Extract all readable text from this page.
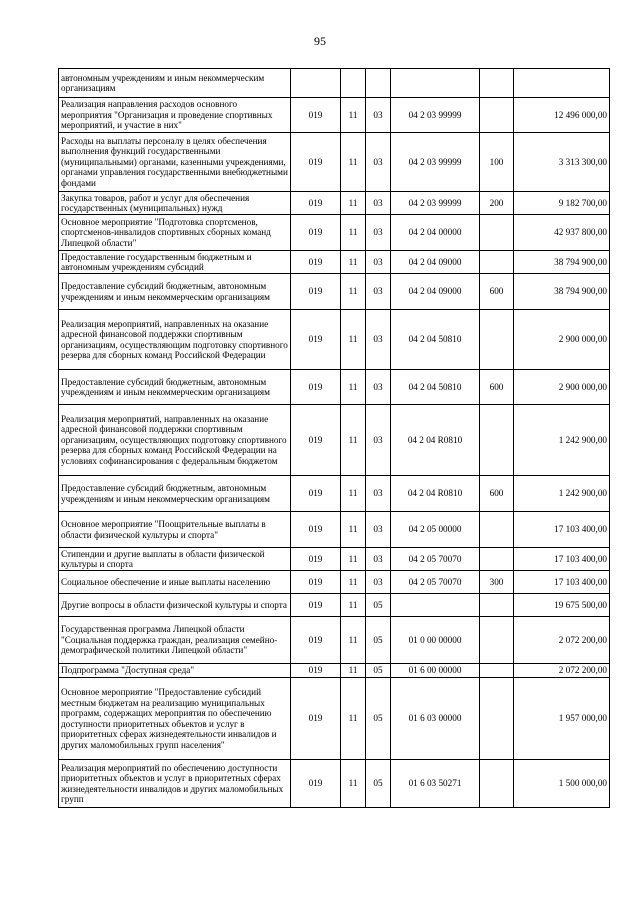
95
автономным учреждениям и иным некоммерческим организациям						
Реализация направления расходов основного мероприятия "Организация и проведение спортивных мероприятий, и участие в них"	019	11	03	04 2 03 99999		12 496 000,00
Расходы на выплаты персоналу в целях обеспечения выполнения функций государственными (муниципальными) органами, казенными учреждениями, органами управления государственными внебюджетными фондами	019	11	03	04 2 03 99999	100	3 313 300,00
Закупка товаров, работ и услуг для обеспечения государственных (муниципальных) нужд	019	11	03	04 2 03 99999	200	9 182 700,00
Основное мероприятие "Подготовка спортсменов, спортсменов-инвалидов спортивных сборных команд Липецкой области"	019	11	03	04 2 04 00000		42 937 800,00
Предоставление государственным бюджетным и автономным учреждениям субсидий	019	11	03	04 2 04 09000		38 794 900,00
Предоставление субсидий бюджетным, автономным учреждениям и иным некоммерческим организациям	019	11	03	04 2 04 09000	600	38 794 900,00
Реализация мероприятий, направленных на оказание адресной финансовой поддержки спортивным организациям, осуществляющим подготовку спортивного резерва для сборных команд Российской Федерации	019	11	03	04 2 04 50810		2 900 000,00
Предоставление субсидий бюджетным, автономным учреждениям и иным некоммерческим организациям	019	11	03	04 2 04 50810	600	2 900 000,00
Реализация мероприятий, направленных на оказание адресной финансовой поддержки спортивным организациям, осуществляющих подготовку спортивного резерва для сборных команд Российской Федерации на условиях софинансирования с федеральным бюджетом	019	11	03	04 2 04 R0810		1 242 900,00
Предоставление субсидий бюджетным, автономным учреждениям и иным некоммерческим организациям	019	11	03	04 2 04 R0810	600	1 242 900,00
Основное мероприятие "Поощрительные выплаты в области физической культуры и спорта"	019	11	03	04 2 05 00000		17 103 400,00
Стипендии и другие выплаты в области физической культуры и спорта	019	11	03	04 2 05 70070		17 103 400,00
Социальное обеспечение и иные выплаты населению	019	11	03	04 2 05 70070	300	17 103 400,00
Другие вопросы в области физической культуры и спорта	019	11	05			19 675 500,00
Государственная программа Липецкой области "Социальная поддержка граждан, реализация семейно-демографической политики Липецкой области"	019	11	05	01 0 00 00000		2 072 200,00
Подпрограмма "Доступная среда"	019	11	05	01 6 00 00000		2 072 200,00
Основное мероприятие "Предоставление субсидий местным бюджетам на реализацию муниципальных программ, содержащих мероприятия по обеспечению доступности приоритетных объектов и услуг в приоритетных сферах жизнедеятельности инвалидов и других маломобильных групп населения"	019	11	05	01 6 03 00000		1 957 000,00
Реализация мероприятий по обеспечению доступности приоритетных объектов и услуг в приоритетных сферах жизнедеятельности инвалидов и других маломобильных групп	019	11	05	01 6 03 50271		1 500 000,00
